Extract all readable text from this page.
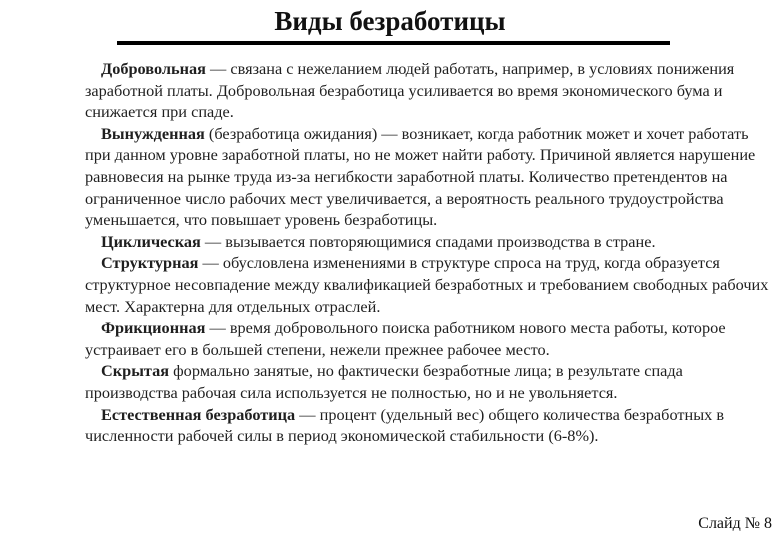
Виды безработицы

Добровольная — связана с нежеланием людей работать, например, в условиях понижения заработной платы. Добровольная безработица усиливается во время экономического бума и снижается при спаде.

Вынужденная (безработица ожидания) — возникает, когда работник может и хочет работать при данном уровне заработной платы, но не может найти работу. Причиной является нарушение равновесия на рынке труда из-за негибкости заработной платы. Количество претендентов на ограниченное число рабочих мест увеличивается, а вероятность реального трудоустройства уменьшается, что повышает уровень безработицы.

Циклическая — вызывается повторяющимися спадами производства в стране.

Структурная — обусловлена изменениями в структуре спроса на труд, когда образуется структурное несовпадение между квалификацией безработных и требованием свободных рабочих мест. Характерна для отдельных отраслей.

Фрикционная — время добровольного поиска работником нового места работы, которое устраивает его в большей степени, нежели прежнее рабочее место.

Скрытая формально занятые, но фактически безработные лица; в результате спада производства рабочая сила используется не полностью, но и не увольняется.

Естественная безработица — процент (удельный вес) общего количества безработных в численности рабочей силы в период экономической стабильности (6-8%).

Слайд № 8
